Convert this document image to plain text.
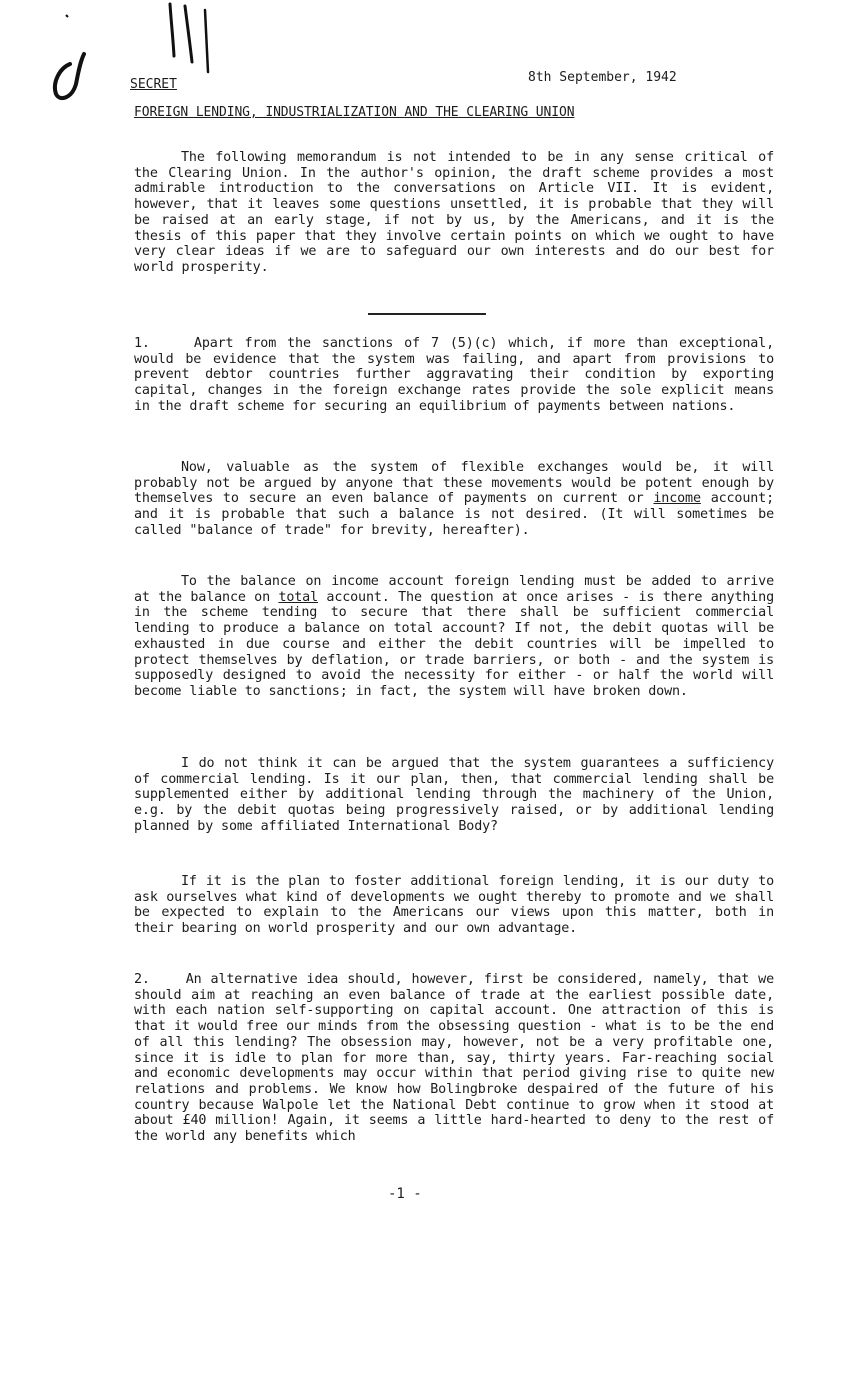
SECRET	8th September, 1942
FOREIGN LENDING, INDUSTRIALIZATION AND THE CLEARING UNION

The following memorandum is not intended to be in any sense critical of the Clearing Union. In the author's opinion, the draft scheme provides a most admirable introduction to the conversations on Article VII. It is evident, however, that it leaves some questions unsettled, it is probable that they will be raised at an early stage, if not by us, by the Americans, and it is the thesis of this paper that they involve certain points on which we ought to have very clear ideas if we are to safeguard our own interests and do our best for world prosperity.

1.	Apart from the sanctions of 7 (5)(c) which, if more than exceptional, would be evidence that the system was failing, and apart from provisions to prevent debtor countries further aggravating their condition by exporting capital, changes in the foreign exchange rates provide the sole explicit means in the draft scheme for securing an equilibrium of payments between nations.

Now, valuable as the system of flexible exchanges would be, it will probably not be argued by anyone that these movements would be potent enough by themselves to secure an even balance of payments on current or income account; and it is probable that such a balance is not desired. (It will sometimes be called "balance of trade" for brevity, hereafter).

To the balance on income account foreign lending must be added to arrive at the balance on total account. The question at once arises - is there anything in the scheme tending to secure that there shall be sufficient commercial lending to produce a balance on total account? If not, the debit quotas will be exhausted in due course and either the debit countries will be impelled to protect themselves by deflation, or trade barriers, or both - and the system is supposedly designed to avoid the necessity for either - or half the world will become liable to sanctions; in fact, the system will have broken down.

I do not think it can be argued that the system guarantees a sufficiency of commercial lending. Is it our plan, then, that commercial lending shall be supplemented either by additional lending through the machinery of the Union, e.g. by the debit quotas being progressively raised, or by additional lending planned by some affiliated International Body?

If it is the plan to foster additional foreign lending, it is our duty to ask ourselves what kind of developments we ought thereby to promote and we shall be expected to explain to the Americans our views upon this matter, both in their bearing on world prosperity and our own advantage.

2.	An alternative idea should, however, first be considered, namely, that we should aim at reaching an even balance of trade at the earliest possible date, with each nation self-supporting on capital account. One attraction of this is that it would free our minds from the obsessing question - what is to be the end of all this lending? The obsession may, however, not be a very profitable one, since it is idle to plan for more than, say, thirty years. Far-reaching social and economic developments may occur within that period giving rise to quite new relations and problems. We know how Bolingbroke despaired of the future of his country because Walpole let the National Debt continue to grow when it stood at about £40 million! Again, it seems a little hard-hearted to deny to the rest of the world any benefits which

-1 -
